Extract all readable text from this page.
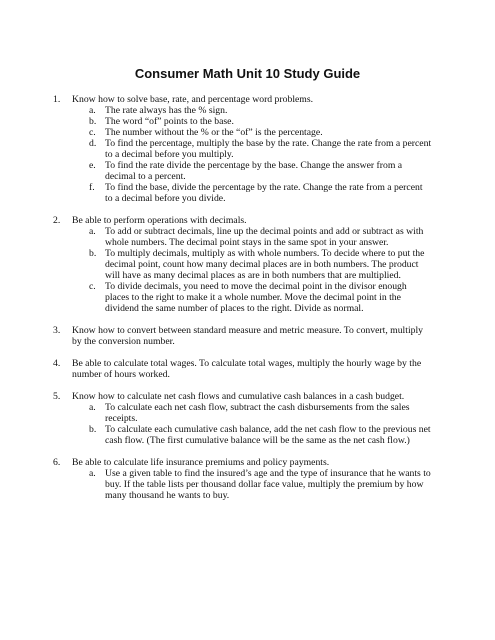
Consumer Math Unit 10 Study Guide
1. Know how to solve base, rate, and percentage word problems.
a. The rate always has the % sign.
b. The word “of” points to the base.
c. The number without the % or the “of” is the percentage.
d. To find the percentage, multiply the base by the rate. Change the rate from a percent to a decimal before you multiply.
e. To find the rate divide the percentage by the base. Change the answer from a decimal to a percent.
f. To find the base, divide the percentage by the rate. Change the rate from a percent to a decimal before you divide.
2. Be able to perform operations with decimals.
a. To add or subtract decimals, line up the decimal points and add or subtract as with whole numbers. The decimal point stays in the same spot in your answer.
b. To multiply decimals, multiply as with whole numbers. To decide where to put the decimal point, count how many decimal places are in both numbers. The product will have as many decimal places as are in both numbers that are multiplied.
c. To divide decimals, you need to move the decimal point in the divisor enough places to the right to make it a whole number. Move the decimal point in the dividend the same number of places to the right. Divide as normal.
3. Know how to convert between standard measure and metric measure. To convert, multiply by the conversion number.
4. Be able to calculate total wages. To calculate total wages, multiply the hourly wage by the number of hours worked.
5. Know how to calculate net cash flows and cumulative cash balances in a cash budget.
a. To calculate each net cash flow, subtract the cash disbursements from the sales receipts.
b. To calculate each cumulative cash balance, add the net cash flow to the previous net cash flow. (The first cumulative balance will be the same as the net cash flow.)
6. Be able to calculate life insurance premiums and policy payments.
a. Use a given table to find the insured’s age and the type of insurance that he wants to buy. If the table lists per thousand dollar face value, multiply the premium by how many thousand he wants to buy.
